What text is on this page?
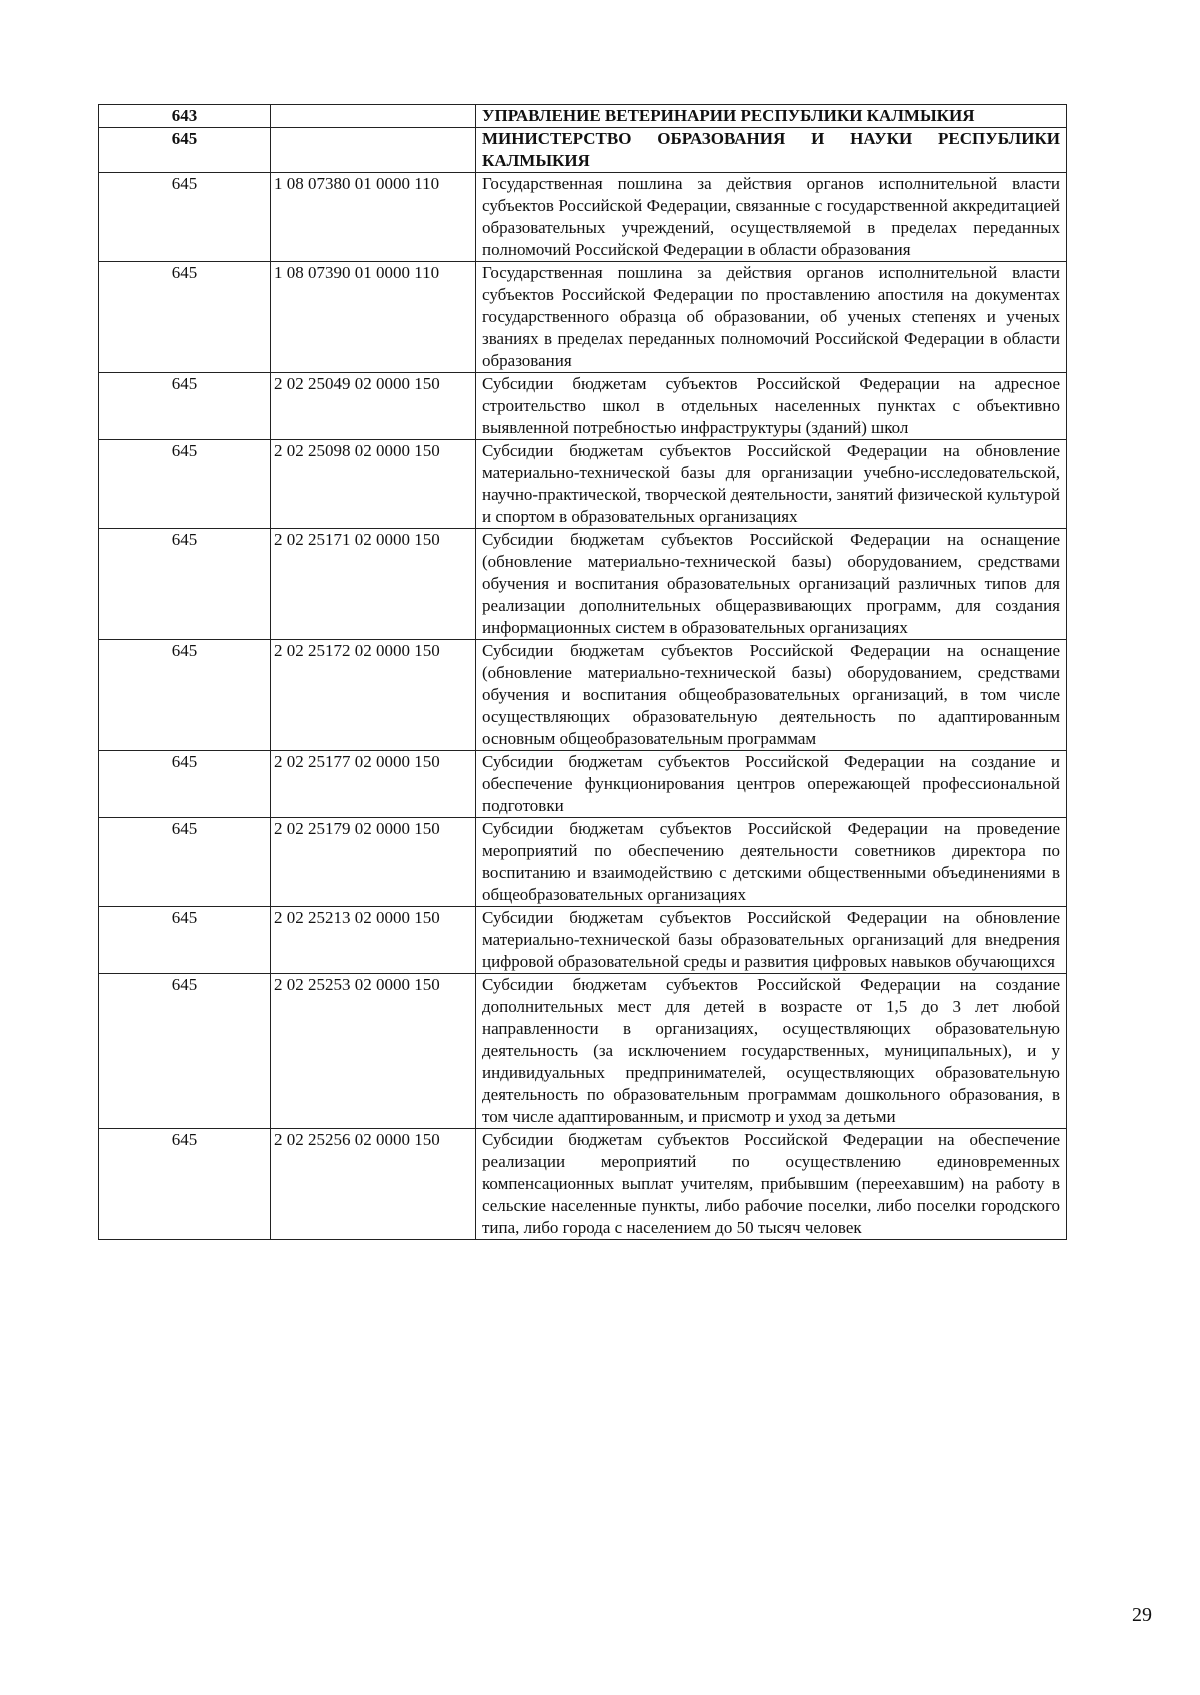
643		УПРАВЛЕНИЕ ВЕТЕРИНАРИИ РЕСПУБЛИКИ КАЛМЫКИЯ
645		МИНИСТЕРСТВО ОБРАЗОВАНИЯ И НАУКИ РЕСПУБЛИКИ КАЛМЫКИЯ
645	1 08 07380 01 0000 110	Государственная пошлина за действия органов исполнительной власти субъектов Российской Федерации, связанные с государственной аккредитацией образовательных учреждений, осуществляемой в пределах переданных полномочий Российской Федерации в области образования
645	1 08 07390 01 0000 110	Государственная пошлина за действия органов исполнительной власти субъектов Российской Федерации по проставлению апостиля на документах государственного образца об образовании, об ученых степенях и ученых званиях в пределах переданных полномочий Российской Федерации в области образования
645	2 02 25049 02 0000 150	Субсидии бюджетам субъектов Российской Федерации на адресное строительство школ в отдельных населенных пунктах с объективно выявленной потребностью инфраструктуры (зданий) школ
645	2 02 25098 02 0000 150	Субсидии бюджетам субъектов Российской Федерации на обновление материально-технической базы для организации учебно-исследовательской, научно-практической, творческой деятельности, занятий физической культурой и спортом в образовательных организациях
645	2 02 25171 02 0000 150	Субсидии бюджетам субъектов Российской Федерации на оснащение (обновление материально-технической базы) оборудованием, средствами обучения и воспитания образовательных организаций различных типов для реализации дополнительных общеразвивающих программ, для создания информационных систем в образовательных организациях
645	2 02 25172 02 0000 150	Субсидии бюджетам субъектов Российской Федерации на оснащение (обновление материально-технической базы) оборудованием, средствами обучения и воспитания общеобразовательных организаций, в том числе осуществляющих образовательную деятельность по адаптированным основным общеобразовательным программам
645	2 02 25177 02 0000 150	Субсидии бюджетам субъектов Российской Федерации на создание и обеспечение функционирования центров опережающей профессиональной подготовки
645	2 02 25179 02 0000 150	Субсидии бюджетам субъектов Российской Федерации на проведение мероприятий по обеспечению деятельности советников директора по воспитанию и взаимодействию с детскими общественными объединениями в общеобразовательных организациях
645	2 02 25213 02 0000 150	Субсидии бюджетам субъектов Российской Федерации на обновление материально-технической базы образовательных организаций для внедрения цифровой образовательной среды и развития цифровых навыков обучающихся
645	2 02 25253 02 0000 150	Субсидии бюджетам субъектов Российской Федерации на создание дополнительных мест для детей в возрасте от 1,5 до 3 лет любой направленности в организациях, осуществляющих образовательную деятельность (за исключением государственных, муниципальных), и у индивидуальных предпринимателей, осуществляющих образовательную деятельность по образовательным программам дошкольного образования, в том числе адаптированным, и присмотр и уход за детьми
645	2 02 25256 02 0000 150	Субсидии бюджетам субъектов Российской Федерации на обеспечение реализации мероприятий по осуществлению единовременных компенсационных выплат учителям, прибывшим (переехавшим) на работу в сельские населенные пункты, либо рабочие поселки, либо поселки городского типа, либо города с населением до 50 тысяч человек
29
